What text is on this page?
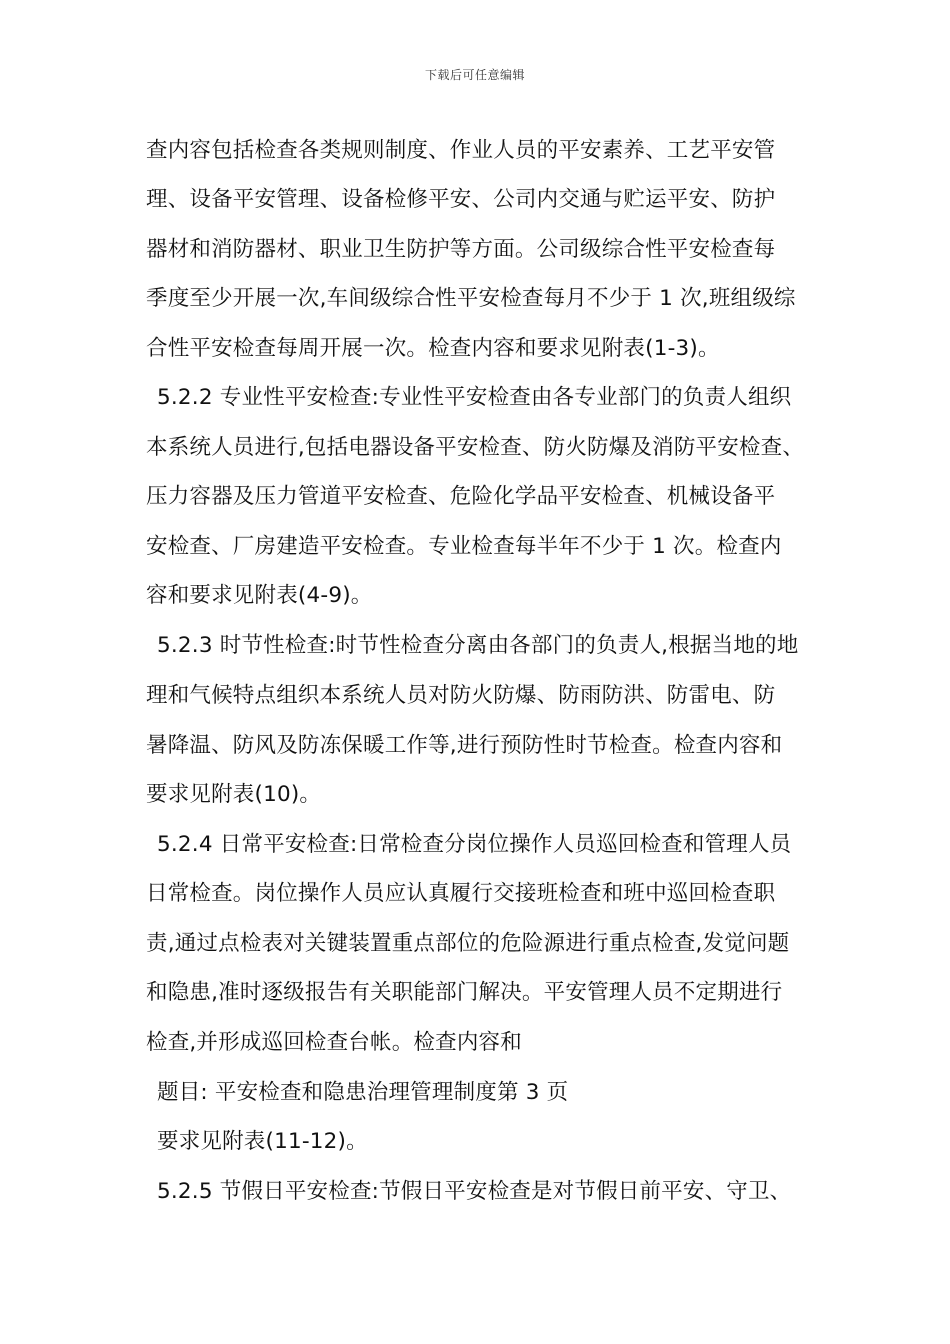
下载后可任意编辑
查内容包括检查各类规则制度、作业人员的平安素养、工艺平安管
理、设备平安管理、设备检修平安、公司内交通与贮运平安、防护
器材和消防器材、职业卫生防护等方面。公司级综合性平安检查每
季度至少开展一次,车间级综合性平安检查每月不少于 1 次,班组级综
合性平安检查每周开展一次。检查内容和要求见附表(1-3)。
5.2.2 专业性平安检查:专业性平安检查由各专业部门的负责人组织
本系统人员进行,包括电器设备平安检查、防火防爆及消防平安检查、
压力容器及压力管道平安检查、危险化学品平安检查、机械设备平
安检查、厂房建造平安检查。专业检查每半年不少于 1 次。检查内
容和要求见附表(4-9)。
5.2.3 时节性检查:时节性检查分离由各部门的负责人,根据当地的地
理和气候特点组织本系统人员对防火防爆、防雨防洪、防雷电、防
暑降温、防风及防冻保暖工作等,进行预防性时节检查。检查内容和
要求见附表(10)。
5.2.4 日常平安检查:日常检查分岗位操作人员巡回检查和管理人员
日常检查。岗位操作人员应认真履行交接班检查和班中巡回检查职
责,通过点检表对关键装置重点部位的危险源进行重点检查,发觉问题
和隐患,准时逐级报告有关职能部门解决。平安管理人员不定期进行
检查,并形成巡回检查台帐。检查内容和
题目: 平安检查和隐患治理管理制度第 3 页
要求见附表(11-12)。
5.2.5 节假日平安检查:节假日平安检查是对节假日前平安、守卫、
